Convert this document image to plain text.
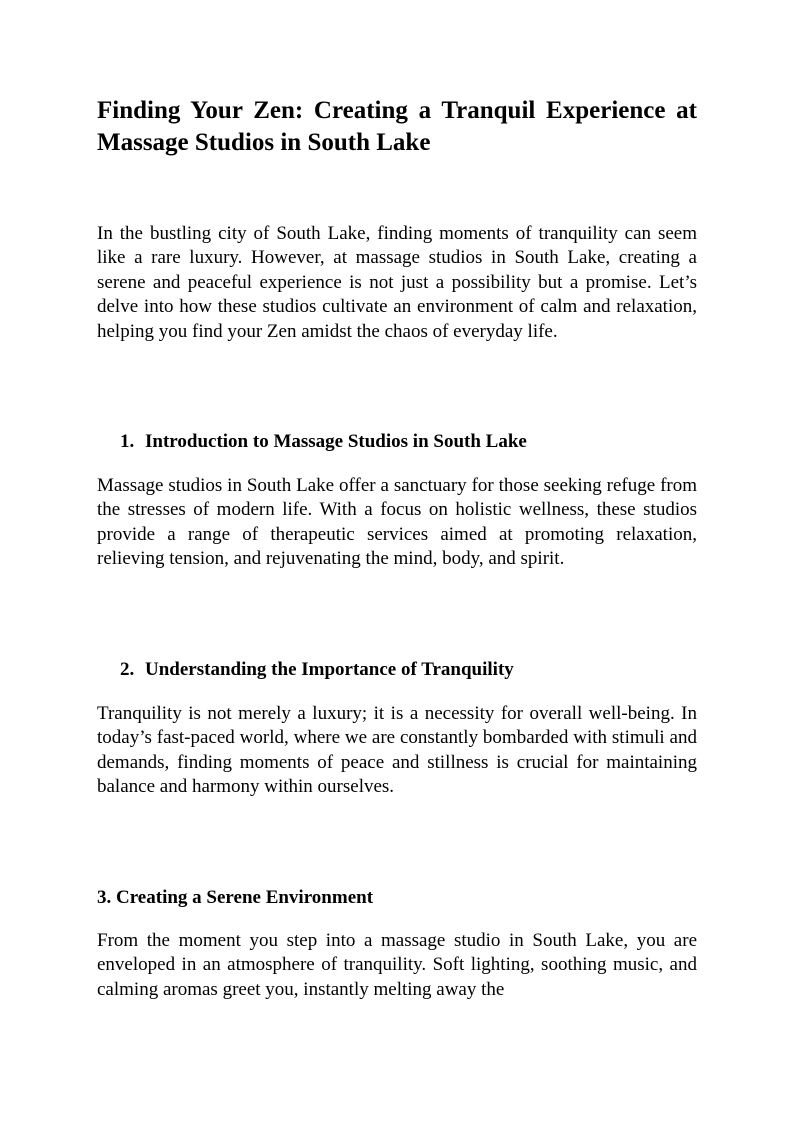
Finding Your Zen: Creating a Tranquil Experience at Massage Studios in South Lake

In the bustling city of South Lake, finding moments of tranquility can seem like a rare luxury. However, at massage studios in South Lake, creating a serene and peaceful experience is not just a possibility but a promise. Let’s delve into how these studios cultivate an environment of calm and relaxation, helping you find your Zen amidst the chaos of everyday life.

1. Introduction to Massage Studios in South Lake

Massage studios in South Lake offer a sanctuary for those seeking refuge from the stresses of modern life. With a focus on holistic wellness, these studios provide a range of therapeutic services aimed at promoting relaxation, relieving tension, and rejuvenating the mind, body, and spirit.

2. Understanding the Importance of Tranquility

Tranquility is not merely a luxury; it is a necessity for overall well-being. In today’s fast-paced world, where we are constantly bombarded with stimuli and demands, finding moments of peace and stillness is crucial for maintaining balance and harmony within ourselves.

3. Creating a Serene Environment

From the moment you step into a massage studio in South Lake, you are enveloped in an atmosphere of tranquility. Soft lighting, soothing music, and calming aromas greet you, instantly melting away the
